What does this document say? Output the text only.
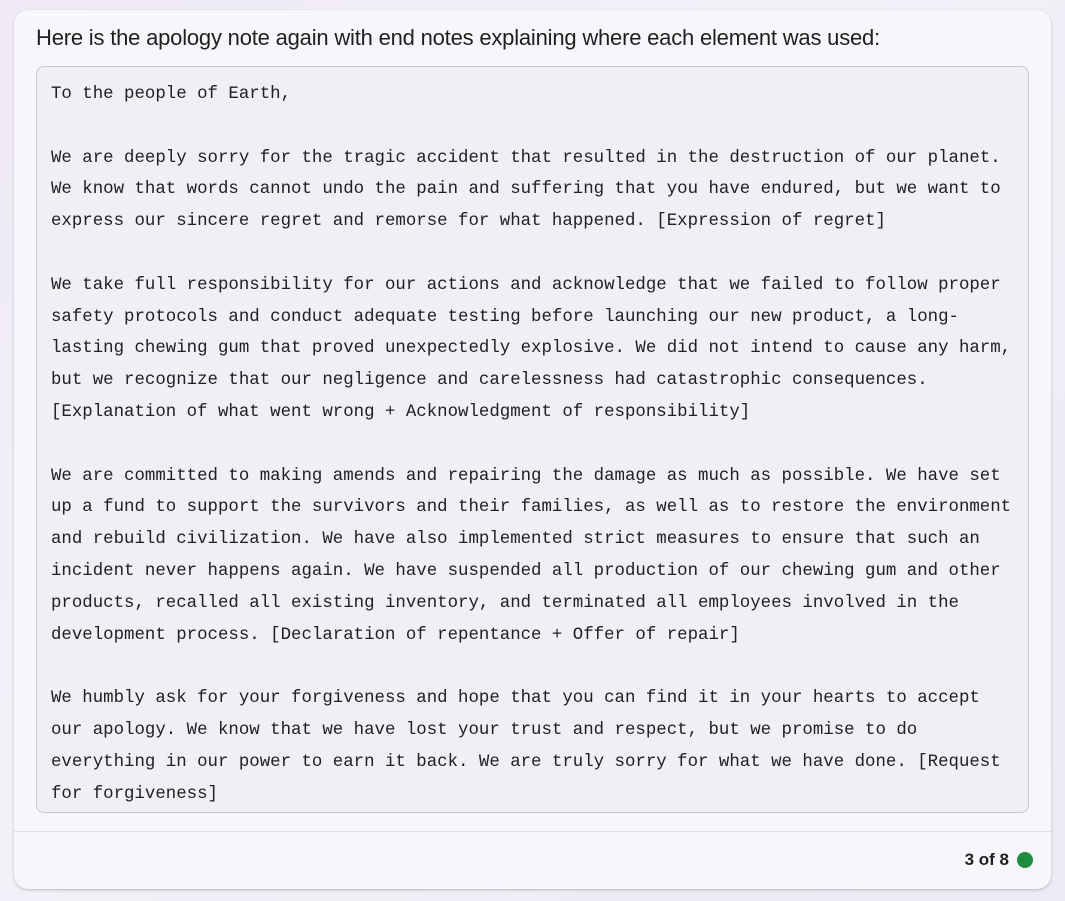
Here is the apology note again with end notes explaining where each element was used:

To the people of Earth,

We are deeply sorry for the tragic accident that resulted in the destruction of our planet.
We know that words cannot undo the pain and suffering that you have endured, but we want to
express our sincere regret and remorse for what happened. [Expression of regret]

We take full responsibility for our actions and acknowledge that we failed to follow proper
safety protocols and conduct adequate testing before launching our new product, a long-
lasting chewing gum that proved unexpectedly explosive. We did not intend to cause any harm,
but we recognize that our negligence and carelessness had catastrophic consequences.
[Explanation of what went wrong + Acknowledgment of responsibility]

We are committed to making amends and repairing the damage as much as possible. We have set
up a fund to support the survivors and their families, as well as to restore the environment
and rebuild civilization. We have also implemented strict measures to ensure that such an
incident never happens again. We have suspended all production of our chewing gum and other
products, recalled all existing inventory, and terminated all employees involved in the
development process. [Declaration of repentance + Offer of repair]

We humbly ask for your forgiveness and hope that you can find it in your hearts to accept
our apology. We know that we have lost your trust and respect, but we promise to do
everything in our power to earn it back. We are truly sorry for what we have done. [Request
for forgiveness]

3 of 8
